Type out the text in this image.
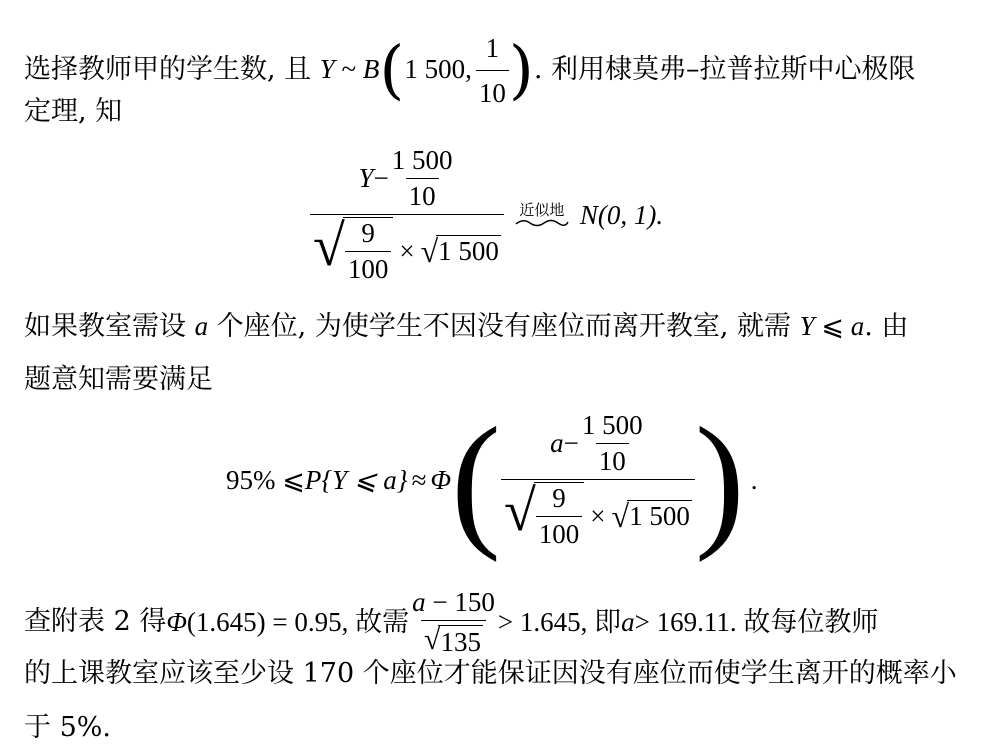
选择教师甲的学生数, 且 Y ~ B(1 500, $\frac{1}{10}$ ). 利用棣莫弗–拉普拉斯中心极限
定理, 知
$Y - \frac{1 500}{10}$
√ $\frac{9}{100}$ × √ 1 500
近似地 N(0, 1).
如果教室需设 a 个座位, 为使学生不因没有座位而离开教室, 就需 Y ⩽ a. 由
题意知需要满足
95% ⩽ P {Y ⩽ a} ≈ Φ ( $a - \frac{1 500}{10}$
√ $\frac{9}{100}$ × √ 1 500 ) .
查附表 2 得 Φ (1.645) = 0.95, 故需 $\frac{a - 150}{√ 135} > 1.645$, 即 a > 169.11. 故每位教师
的上课教室应该至少设 170 个座位才能保证因没有座位而使学生离开的概率小
于 5%.
